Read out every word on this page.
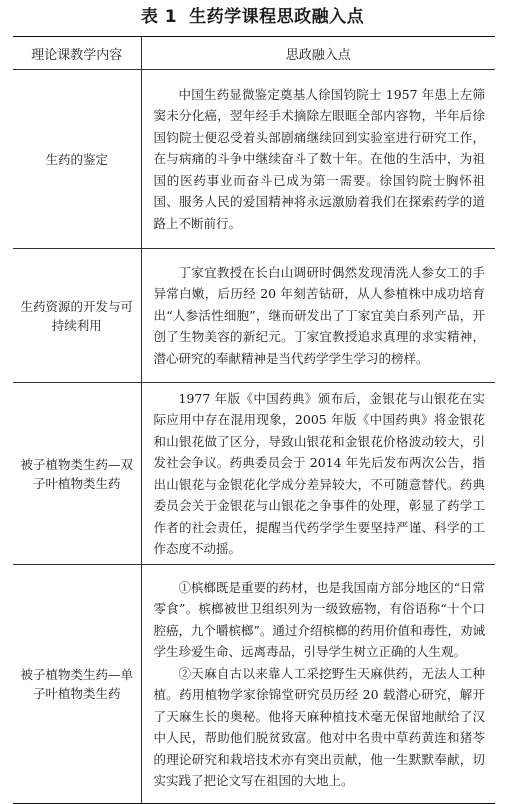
表 1 生药学课程思政融入点
理论课教学内容	思政融入点
生药的鉴定	中国生药显微鉴定奠基人徐国钧院士 1957 年患上左筛窦未分化癌，翌年经手术摘除左眼眶全部内容物，半年后徐国钧院士便忍受着头部剧痛继续回到实验室进行研究工作，在与病痛的斗争中继续奋斗了数十年。在他的生活中，为祖国的医药事业而奋斗已成为第一需要。徐国钧院士胸怀祖国、服务人民的爱国精神将永远激励着我们在探索药学的道路上不断前行。

生药资源的开发与可持续利用	丁家宜教授在长白山调研时偶然发现清洗人参女工的手异常白嫩，后历经 20 年刻苦钻研，从人参植株中成功培育出“人参活性细胞”，继而研发出了丁家宜美白系列产品，开创了生物美容的新纪元。丁家宜教授追求真理的求实精神，潜心研究的奉献精神是当代药学学生学习的榜样。

被子植物类生药—双子叶植物类生药	1977 年版《中国药典》颁布后，金银花与山银花在实际应用中存在混用现象，2005 年版《中国药典》将金银花和山银花做了区分，导致山银花和金银花价格波动较大，引发社会争议。药典委员会于 2014 年先后发布两次公告，指出山银花与金银花化学成分差异较大，不可随意替代。药典委员会关于金银花与山银花之争事件的处理，彰显了药学工作者的社会责任，提醒当代药学学生要坚持严谨、科学的工作态度不动摇。

被子植物类生药—单子叶植物类生药	①槟榔既是重要的药材，也是我国南方部分地区的“日常零食”。槟榔被世卫组织列为一级致癌物，有俗语称“十个口腔癌，九个嚼槟榔”。通过介绍槟榔的药用价值和毒性，劝诫学生珍爱生命、远离毒品，引导学生树立正确的人生观。

②天麻自古以来靠人工采挖野生天麻供药，无法人工种植。药用植物学家徐锦堂研究员历经 20 载潜心研究，解开了天麻生长的奥秘。他将天麻种植技术毫无保留地献给了汉中人民，帮助他们脱贫致富。他对中名贵中草药黄连和猪苓的理论研究和栽培技术亦有突出贡献，他一生默默奉献，切实实践了把论文写在祖国的大地上。
